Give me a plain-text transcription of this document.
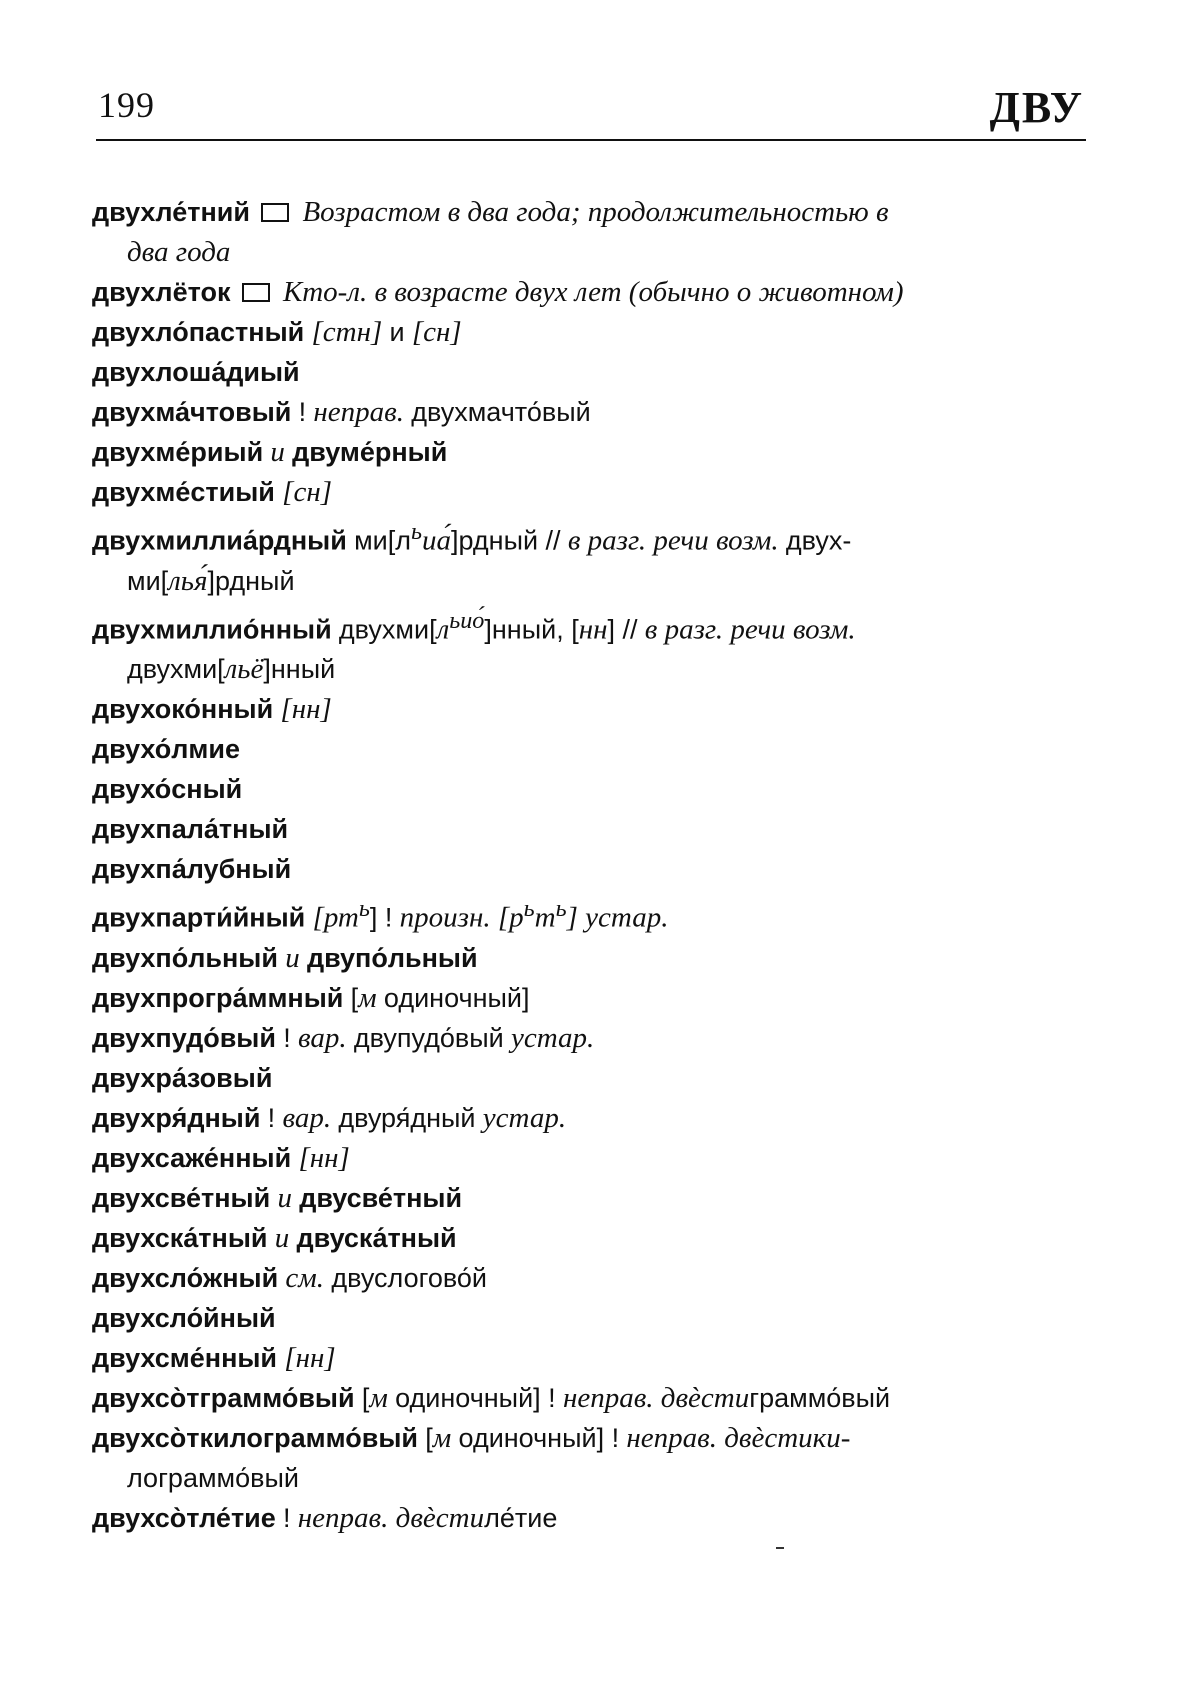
199	ДВУ
двухле́тний Возрастом в два года; продолжительностью в
два года
двухлёток Кто-л. в возрасте двух лет (обычно о животном)
двухло́пастный [стн] и [сн]
двухлоша́диый
двухма́чтовый ! неправ. двухмачто́вый
двухме́риый и двуме́рный
двухме́стиый [сн]
двухмиллиа́рдный $ми[л^ьиа́]рдный$ // в разг. речи возм. двух-
ми[лья́]рдный
двухмиллио́нный $двухми[л^{ьио́}]нный$, [нн] // в разг. речи возм.
двухми[льё]нный
двухоко́нный [нн]
двухо́лмие
двухо́сный
двухпала́тный
двухпа́лубный
двухпарти́йный $[рт^ь]$ ! произн. $[р^ьт^ь]$ устар.
двухпо́льный и двупо́льный
двухпрогра́ммный [м одиночный]
двухпудо́вый ! вар. двупудо́вый устар.
двухра́зовый
двухря́дный ! вар. двуря́дный устар.
двухсаже́нный [нн]
двухсве́тный и двусве́тный
двухска́тный и двуска́тный
двухсло́жный см. двуслогово́й
двухсло́йный
двухсме́нный [нн]
двухсо̀тграммо́вый [м одиночный] ! неправ. двѐстиграммо́вый
двухсо̀ткилограммо́вый [м одиночный] ! неправ. двѐстики-
лограммо́вый
двухсо̀тле́тие ! неправ. двѐстиле́тие
